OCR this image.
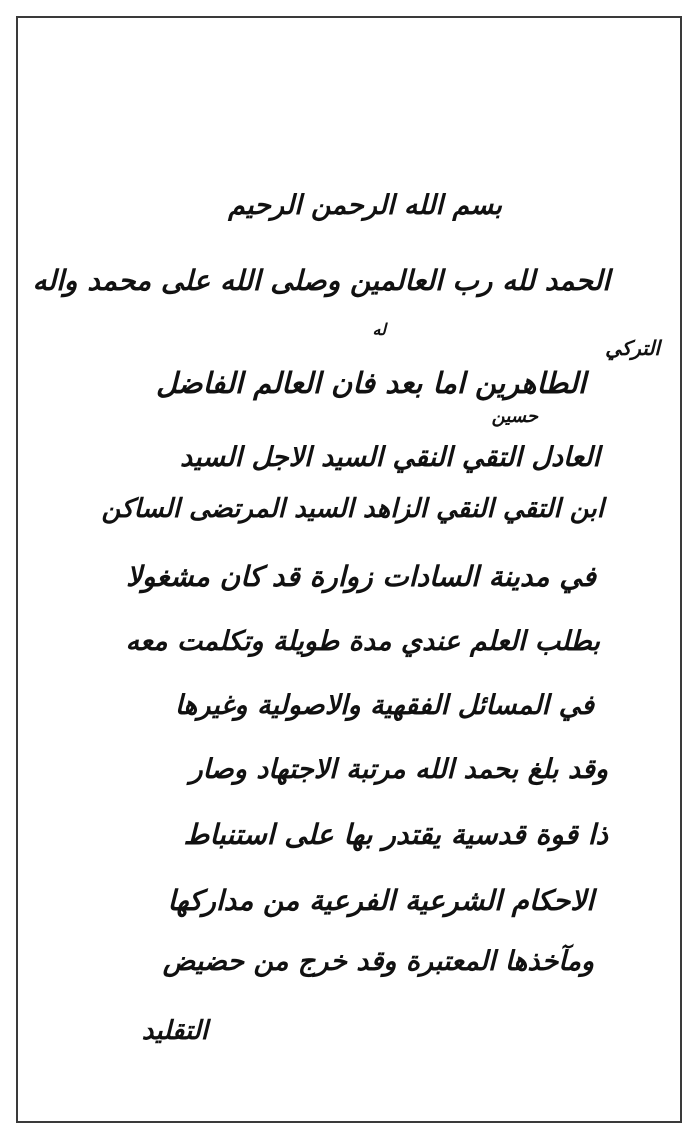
بسم الله الرحمن الرحيم
التركي
الحمد لله رب العالمين وصلى الله على محمد واله
له
الطاهرين اما بعد فان العالم الفاضل
حسين
العادل التقي النقي السيد الاجل السيد
ابن التقي النقي الزاهد السيد المرتضى الساكن
في مدينة السادات زوارة قد كان مشغولا
بطلب العلم عندي مدة طويلة وتكلمت معه
في المسائل الفقهية والاصولية وغيرها
وقد بلغ بحمد الله مرتبة الاجتهاد وصار
ذا قوة قدسية يقتدر بها على استنباط
الاحكام الشرعية الفرعية من مداركها
ومآخذها المعتبرة وقد خرج من حضيض
التقليد
